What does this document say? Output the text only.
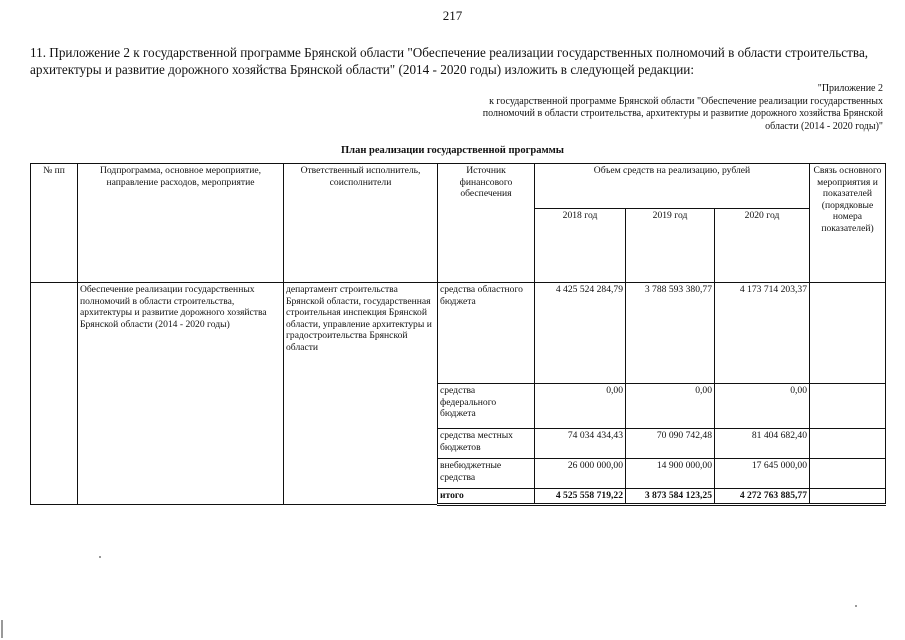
217
11. Приложение 2 к государственной программе Брянской области "Обеспечение реализации государственных полномочий в области строительства, архитектуры и развитие дорожного хозяйства Брянской области" (2014 - 2020 годы) изложить в следующей редакции:
"Приложение 2
к государственной программе Брянской области "Обеспечение реализации государственных
полномочий в области строительства, архитектуры и развитие дорожного хозяйства Брянской
области (2014 - 2020 годы)"
План реализации государственной программы
№ пп	Подпрограмма, основное мероприятие, направление расходов, мероприятие	Ответственный исполнитель, соисполнители	Источник финансового обеспечения	Объем средств на реализацию, рублей			Связь основного мероприятия и показателей (порядковые номера показателей)
				2018 год	2019 год	2020 год	
	Обеспечение реализации государственных полномочий в области строительства, архитектуры и развитие дорожного хозяйства Брянской области (2014 - 2020 годы)	департамент строительства Брянской области, государственная строительная инспекция Брянской области, управление архитектуры и градостроительства Брянской области	средства областного бюджета	4 425 524 284,79	3 788 593 380,77	4 173 714 203,37	
			средства федерального бюджета	0,00	0,00	0,00	
			средства местных бюджетов	74 034 434,43	70 090 742,48	81 404 682,40	
			внебюджетные средства	26 000 000,00	14 900 000,00	17 645 000,00	
			итого	4 525 558 719,22	3 873 584 123,25	4 272 763 885,77	
